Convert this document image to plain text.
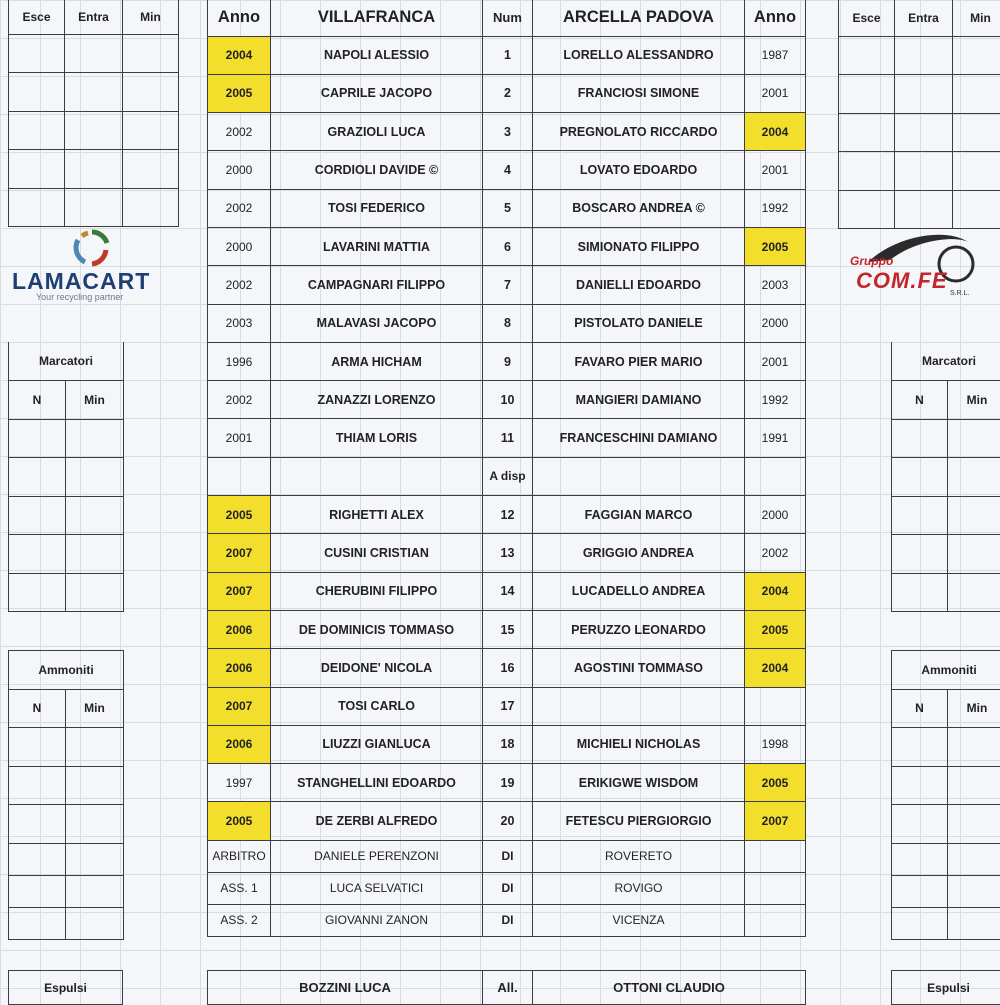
Anno	VILLAFRANCA	Num	ARCELLA PADOVA	Anno
2004	NAPOLI ALESSIO	1	LORELLO ALESSANDRO	1987
2005	CAPRILE JACOPO	2	FRANCIOSI SIMONE	2001
2002	GRAZIOLI LUCA	3	PREGNOLATO RICCARDO	2004
2000	CORDIOLI DAVIDE ©	4	LOVATO EDOARDO	2001
2002	TOSI FEDERICO	5	BOSCARO ANDREA ©	1992
2000	LAVARINI MATTIA	6	SIMIONATO FILIPPO	2005
2002	CAMPAGNARI FILIPPO	7	DANIELLI EDOARDO	2003
2003	MALAVASI JACOPO	8	PISTOLATO DANIELE	2000
1996	ARMA HICHAM	9	FAVARO PIER MARIO	2001
2002	ZANAZZI LORENZO	10	MANGIERI DAMIANO	1992
2001	THIAM LORIS	11	FRANCESCHINI DAMIANO	1991
		A disp		
2005	RIGHETTI ALEX	12	FAGGIAN MARCO	2000
2007	CUSINI CRISTIAN	13	GRIGGIO ANDREA	2002
2007	CHERUBINI FILIPPO	14	LUCADELLO ANDREA	2004
2006	DE DOMINICIS TOMMASO	15	PERUZZO LEONARDO	2005
2006	DEIDONE' NICOLA	16	AGOSTINI TOMMASO	2004
2007	TOSI CARLO	17		
2006	LIUZZI GIANLUCA	18	MICHIELI NICHOLAS	1998
1997	STANGHELLINI EDOARDO	19	ERIKIGWE WISDOM	2005
2005	DE ZERBI ALFREDO	20	FETESCU PIERGIORGIO	2007
ARBITRO	DANIELE PERENZONI	DI	ROVERETO	
ASS. 1	LUCA SELVATICI	DI	ROVIGO	
ASS. 2	GIOVANNI ZANON	DI	VICENZA	
Esce	Entra	Min

			Esce	Entra	Min

LAMACART
Your recycling partner
Gruppo
COM.FE
S.R.L.
Marcatori	
N	Min

Marcatori	
N	Min

Ammoniti	
N	Min

Ammoniti	
N	Min

Espulsi	Espulsi
BOZZINI LUCA	All.	OTTONI CLAUDIO
